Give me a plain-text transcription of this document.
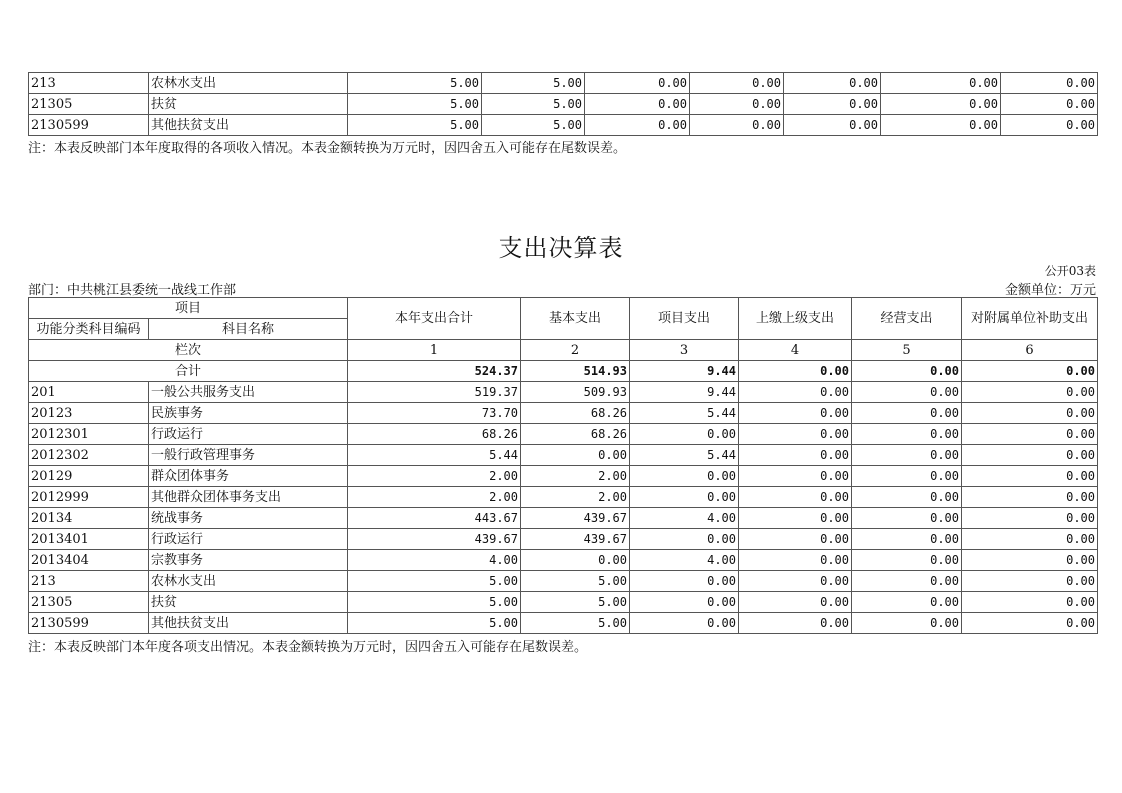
213	农林水支出	5.00	5.00	0.00	0.00	0.00	0.00	0.00
21305	扶贫	5.00	5.00	0.00	0.00	0.00	0.00	0.00
2130599	其他扶贫支出	5.00	5.00	0.00	0.00	0.00	0.00	0.00
注：本表反映部门本年度取得的各项收入情况。本表金额转换为万元时，因四舍五入可能存在尾数误差。
支出决算表
公开03表
部门：中共桃江县委统一战线工作部	金额单位：万元
项目		本年支出合计	基本支出	项目支出	上缴上级支出	经营支出	对附属单位补助支出
功能分类科目编码	科目名称						
栏次		1	2	3	4	5	6
合计		524.37	514.93	9.44	0.00	0.00	0.00
201	一般公共服务支出	519.37	509.93	9.44	0.00	0.00	0.00
20123	民族事务	73.70	68.26	5.44	0.00	0.00	0.00
2012301	行政运行	68.26	68.26	0.00	0.00	0.00	0.00
2012302	一般行政管理事务	5.44	0.00	5.44	0.00	0.00	0.00
20129	群众团体事务	2.00	2.00	0.00	0.00	0.00	0.00
2012999	其他群众团体事务支出	2.00	2.00	0.00	0.00	0.00	0.00
20134	统战事务	443.67	439.67	4.00	0.00	0.00	0.00
2013401	行政运行	439.67	439.67	0.00	0.00	0.00	0.00
2013404	宗教事务	4.00	0.00	4.00	0.00	0.00	0.00
213	农林水支出	5.00	5.00	0.00	0.00	0.00	0.00
21305	扶贫	5.00	5.00	0.00	0.00	0.00	0.00
2130599	其他扶贫支出	5.00	5.00	0.00	0.00	0.00	0.00
注：本表反映部门本年度各项支出情况。本表金额转换为万元时，因四舍五入可能存在尾数误差。
